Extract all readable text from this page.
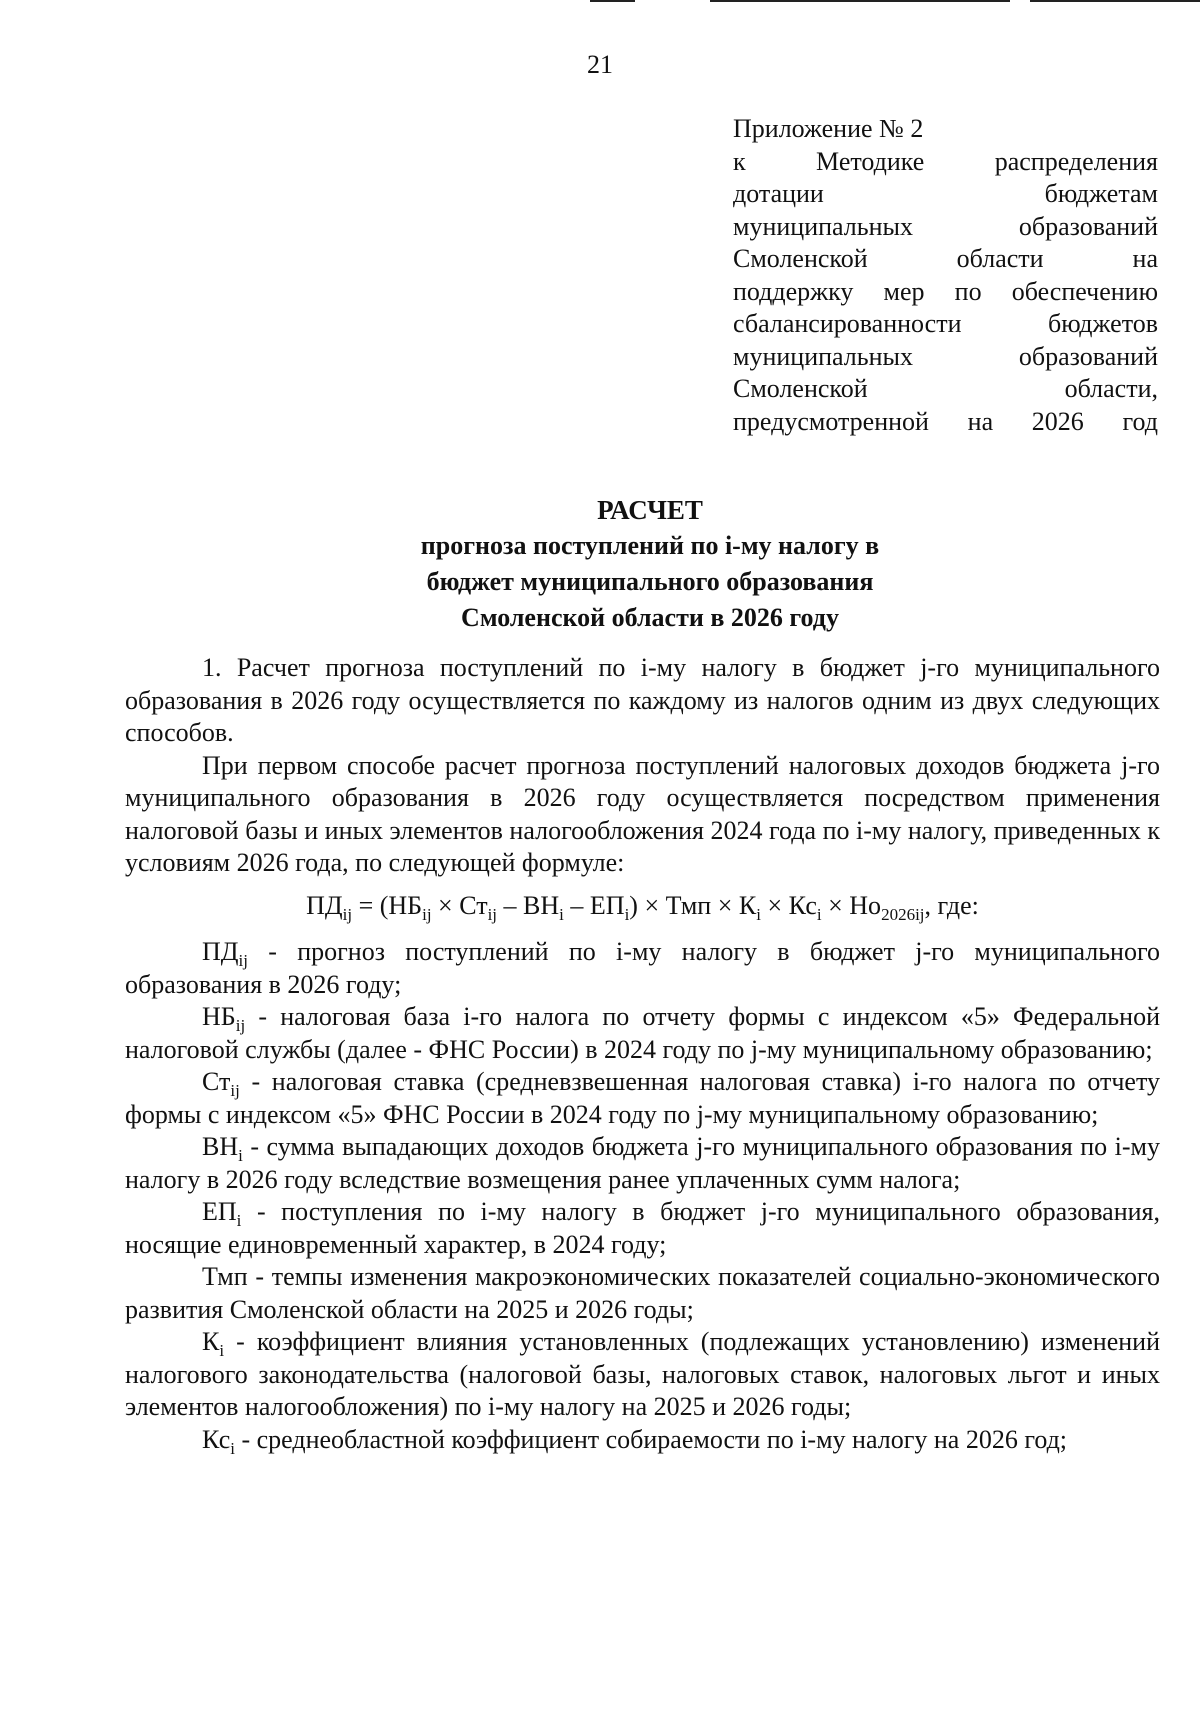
21
Приложение № 2
к Методике распределения
дотации бюджетам
муниципальных образований
Смоленской области на
поддержку мер по обеспечению
сбалансированности бюджетов
муниципальных образований
Смоленской области,
предусмотренной на 2026 год
РАСЧЕТ
прогноза поступлений по i-му налогу в
бюджет муниципального образования
Смоленской области в 2026 году

1. Расчет прогноза поступлений по i-му налогу в бюджет j-го муниципального образования в 2026 году осуществляется по каждому из налогов одним из двух следующих способов.

При первом способе расчет прогноза поступлений налоговых доходов бюджета j-го муниципального образования в 2026 году осуществляется посредством применения налоговой базы и иных элементов налогообложения 2024 года по i-му налогу, приведенных к условиям 2026 года, по следующей формуле:

$ПД_{ij} = (НБ_{ij} \times Ст_{ij} - ВН_i - ЕП_i)$ × Тмп × $К_i \times Кс_i \times Но_{2026ij}$, где:

$ПД_{ij}$ - прогноз поступлений по i-му налогу в бюджет j-го муниципального образования в 2026 году;

$НБ_{ij}$ - налоговая база i-го налога по отчету формы с индексом «5» Федеральной налоговой службы (далее - ФНС России) в 2024 году по j-му муниципальному образованию;

$Ст_{ij}$ - налоговая ставка (средневзвешенная налоговая ставка) i-го налога по отчету формы с индексом «5» ФНС России в 2024 году по j-му муниципальному образованию;

$ВН_i$ - сумма выпадающих доходов бюджета j-го муниципального образования по i-му налогу в 2026 году вследствие возмещения ранее уплаченных сумм налога;

$ЕП_i$ - поступления по i-му налогу в бюджет j-го муниципального образования, носящие единовременный характер, в 2024 году;

Тмп - темпы изменения макроэкономических показателей социально-экономического развития Смоленской области на 2025 и 2026 годы;

$К_i$ - коэффициент влияния установленных (подлежащих установлению) изменений налогового законодательства (налоговой базы, налоговых ставок, налоговых льгот и иных элементов налогообложения) по i-му налогу на 2025 и 2026 годы;

$Кс_i$ - среднеобластной коэффициент собираемости по i-му налогу на 2026 год;
